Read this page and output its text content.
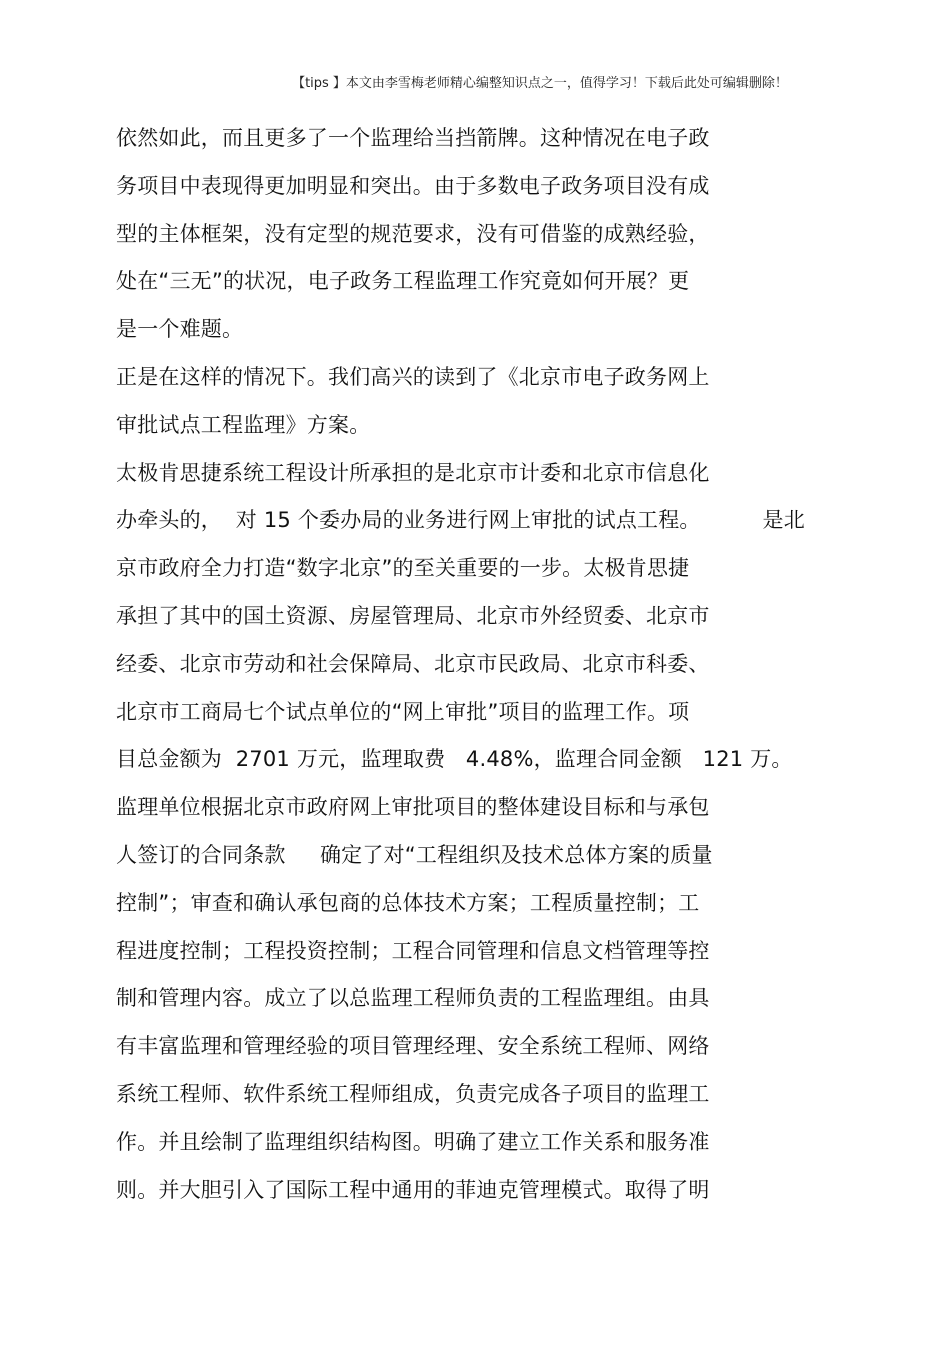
【tips 】本文由李雪梅老师精心编整知识点之一，值得学习！下载后此处可编辑删除！
依然如此，而且更多了一个监理给当挡箭牌。这种情况在电子政
务项目中表现得更加明显和突出。由于多数电子政务项目没有成
型的主体框架，没有定型的规范要求，没有可借鉴的成熟经验，
处在“三无”的状况，电子政务工程监理工作究竟如何开展？更
是一个难题。
正是在这样的情况下。我们高兴的读到了《北京市电子政务网上
审批试点工程监理》方案。
太极肯思捷系统工程设计所承担的是北京市计委和北京市信息化
办牵头的，  对 15 个委办局的业务进行网上审批的试点工程。         是北
京市政府全力打造“数字北京”的至关重要的一步。太极肯思捷
承担了其中的国土资源、房屋管理局、北京市外经贸委、北京市
经委、北京市劳动和社会保障局、北京市民政局、北京市科委、
北京市工商局七个试点单位的“网上审批”项目的监理工作。项
目总金额为  2701 万元，监理取费   4.48%，监理合同金额   121 万。
监理单位根据北京市政府网上审批项目的整体建设目标和与承包
人签订的合同条款     确定了对“工程组织及技术总体方案的质量
控制”；审查和确认承包商的总体技术方案；工程质量控制；工
程进度控制；工程投资控制；工程合同管理和信息文档管理等控
制和管理内容。成立了以总监理工程师负责的工程监理组。由具
有丰富监理和管理经验的项目管理经理、安全系统工程师、网络
系统工程师、软件系统工程师组成，负责完成各子项目的监理工
作。并且绘制了监理组织结构图。明确了建立工作关系和服务准
则。并大胆引入了国际工程中通用的菲迪克管理模式。取得了明
